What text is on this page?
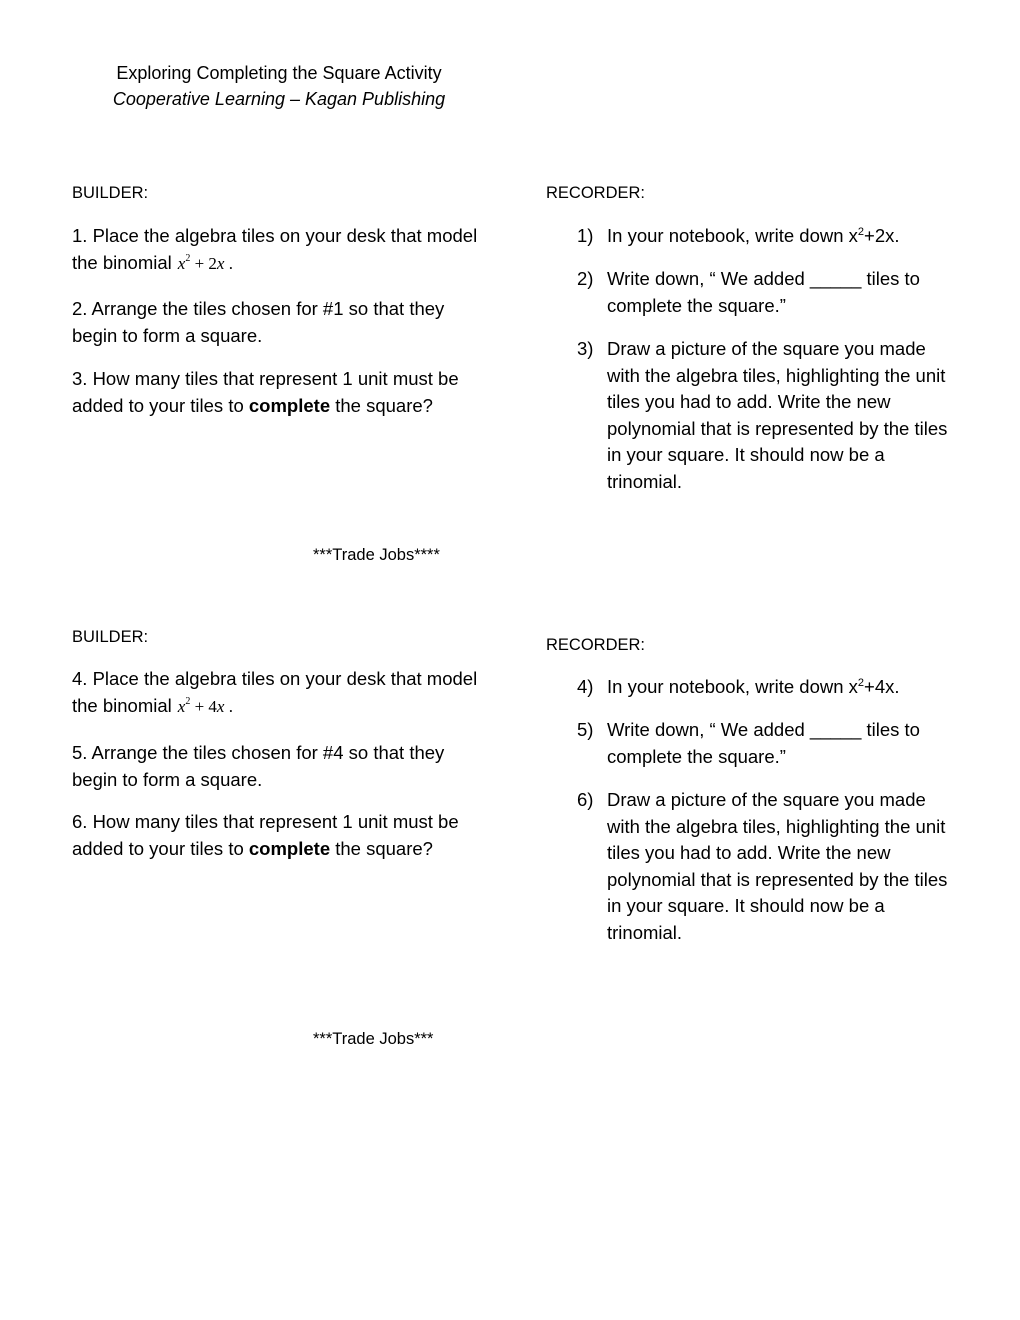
Exploring Completing the Square Activity
Cooperative Learning – Kagan Publishing
BUILDER:	RECORDER:
1. Place the algebra tiles on your desk that model the binomial $x^2 + 2x$ .
2. Arrange the tiles chosen for #1 so that they begin to form a square.
3. How many tiles that represent 1 unit must be added to your tiles to complete the square?
1) In your notebook, write down $x^2+2x$.
2) Write down, “ We added _____ tiles to complete the square.”
3) Draw a picture of the square you made with the algebra tiles, highlighting the unit tiles you had to add. Write the new polynomial that is represented by the tiles in your square. It should now be a trinomial.
***Trade Jobs****
BUILDER:	RECORDER:
4. Place the algebra tiles on your desk that model the binomial $x^2 + 4x$ .
5. Arrange the tiles chosen for #4 so that they begin to form a square.
6. How many tiles that represent 1 unit must be added to your tiles to complete the square?
4) In your notebook, write down $x^2+4x$.
5) Write down, “ We added _____ tiles to complete the square.”
6) Draw a picture of the square you made with the algebra tiles, highlighting the unit tiles you had to add. Write the new polynomial that is represented by the tiles in your square. It should now be a trinomial.
***Trade Jobs***
